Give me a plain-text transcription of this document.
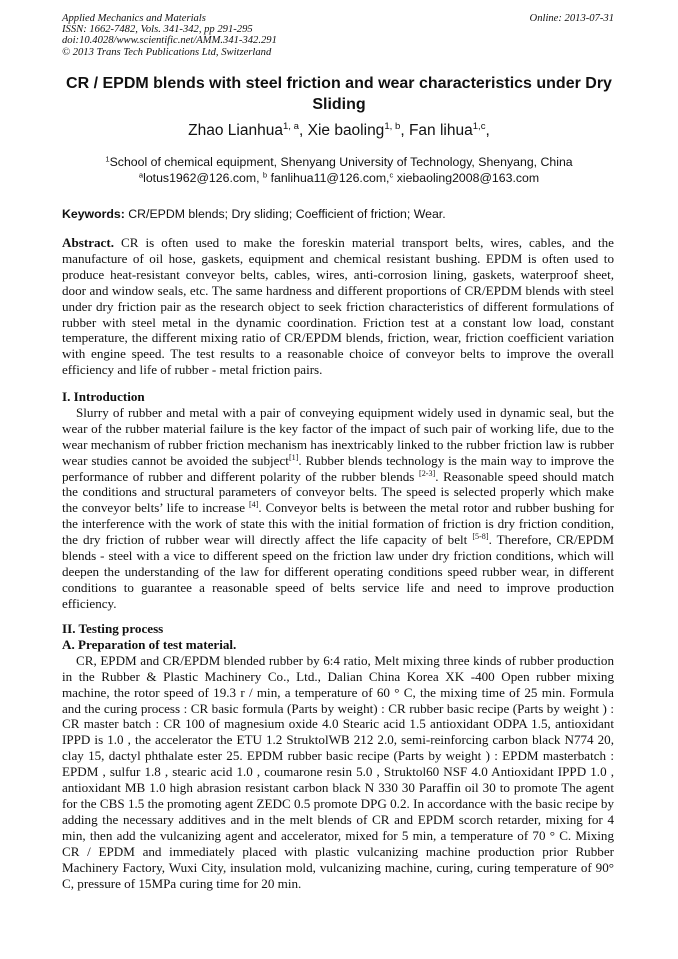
Applied Mechanics and Materials
ISSN: 1662-7482, Vols. 341-342, pp 291-295
doi:10.4028/www.scientific.net/AMM.341-342.291
© 2013 Trans Tech Publications Ltd, Switzerland
Online: 2013-07-31
CR / EPDM blends with steel friction and wear characteristics under Dry Sliding
Zhao Lianhua$^{1, a}$, Xie baoling$^{1, b}$, Fan lihua$^{1,c}$,
$^1$School of chemical equipment, Shenyang University of Technology, Shenyang, China
$^a$lotus1962@126.com, $^b$ fanlihua11@126.com,$^c$ xiebaoling2008@163.com
Keywords: CR/EPDM blends; Dry sliding; Coefficient of friction; Wear.

Abstract. CR is often used to make the foreskin material transport belts, wires, cables, and the manufacture of oil hose, gaskets, equipment and chemical resistant bushing. EPDM is often used to produce heat-resistant conveyor belts, cables, wires, anti-corrosion lining, gaskets, waterproof sheet, door and window seals, etc. The same hardness and different proportions of CR/EPDM blends with steel under dry friction pair as the research object to seek friction characteristics of different formulations of rubber with steel metal in the dynamic coordination. Friction test at a constant low load, constant temperature, the different mixing ratio of CR/EPDM blends, friction, wear, friction coefficient variation with engine speed. The test results to a reasonable choice of conveyor belts to improve the overall efficiency and life of rubber - metal friction pairs.

I. Introduction

Slurry of rubber and metal with a pair of conveying equipment widely used in dynamic seal, but the wear of the rubber material failure is the key factor of the impact of such pair of working life, due to the wear mechanism of rubber friction mechanism has inextricably linked to the rubber friction law is rubber wear studies cannot be avoided the subject[1]. Rubber blends technology is the main way to improve the performance of rubber and different polarity of the rubber blends [2-3]. Reasonable speed should match the conditions and structural parameters of conveyor belts. The speed is selected properly which make the conveyor belts’ life to increase [4]. Conveyor belts is between the metal rotor and rubber bushing for the interference with the work of state this with the initial formation of friction is dry friction condition, the dry friction of rubber wear will directly affect the life capacity of belt [5-8]. Therefore, CR/EPDM blends - steel with a vice to different speed on the friction law under dry friction conditions, which will deepen the understanding of the law for different operating conditions speed rubber wear, in different conditions to guarantee a reasonable speed of belts service life and need to improve production efficiency.

II. Testing process

A. Preparation of test material.

CR, EPDM and CR/EPDM blended rubber by 6:4 ratio, Melt mixing three kinds of rubber production in the Rubber & Plastic Machinery Co., Ltd., Dalian China Korea XK -400 Open rubber mixing machine, the rotor speed of 19.3 r / min, a temperature of 60 ° C, the mixing time of 25 min. Formula and the curing process : CR basic formula (Parts by weight) : CR rubber basic recipe (Parts by weight ) : CR master batch : CR 100 of magnesium oxide 4.0 Stearic acid 1.5 antioxidant ODPA 1.5, antioxidant IPPD is 1.0 , the accelerator the ETU 1.2 StruktolWB 212 2.0, semi-reinforcing carbon black N774 20, clay 15, dactyl phthalate ester 25. EPDM rubber basic recipe (Parts by weight ) : EPDM masterbatch : EPDM , sulfur 1.8 , stearic acid 1.0 , coumarone resin 5.0 , Struktol60 NSF 4.0 Antioxidant IPPD 1.0 , antioxidant MB 1.0 high abrasion resistant carbon black N 330 30 Paraffin oil 30 to promote The agent for the CBS 1.5 the promoting agent ZEDC 0.5 promote DPG 0.2. In accordance with the basic recipe by adding the necessary additives and in the melt blends of CR and EPDM scorch retarder, mixing for 4 min, then add the vulcanizing agent and accelerator, mixed for 5 min, a temperature of 70 ° C. Mixing CR / EPDM and immediately placed with plastic vulcanizing machine production prior Rubber Machinery Factory, Wuxi City, insulation mold, vulcanizing machine, curing, curing temperature of 90° C, pressure of 15MPa curing time for 20 min.
